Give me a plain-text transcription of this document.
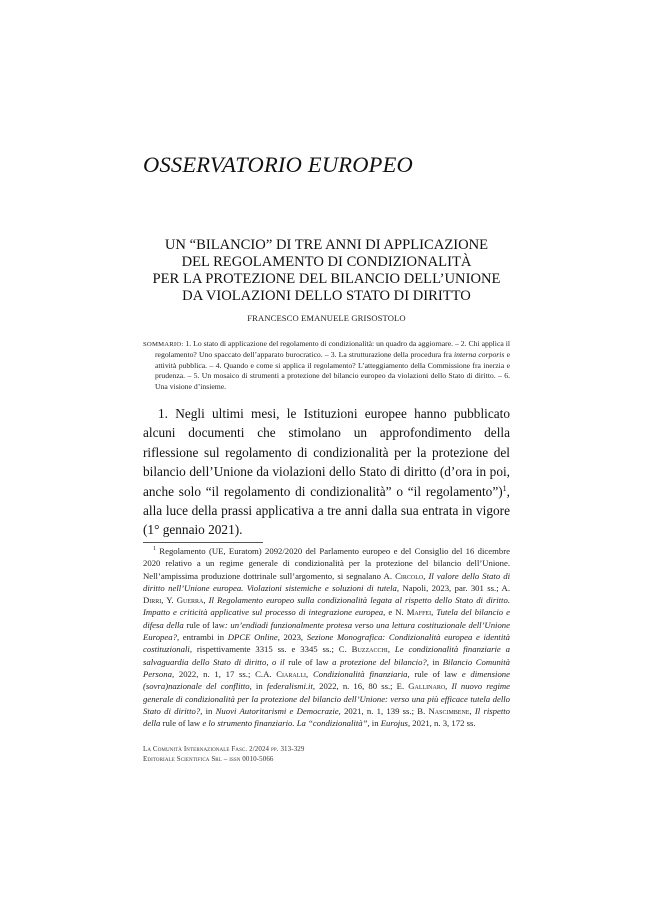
OSSERVATORIO EUROPEO
UN “BILANCIO” DI TRE ANNI DI APPLICAZIONE
DEL REGOLAMENTO DI CONDIZIONALITÀ
PER LA PROTEZIONE DEL BILANCIO DELL’UNIONE
DA VIOLAZIONI DELLO STATO DI DIRITTO
FRANCESCO EMANUELE GRISOSTOLO
SOMMARIO: 1. Lo stato di applicazione del regolamento di condizionalità: un quadro da aggiornare. – 2. Chi applica il regolamento? Uno spaccato dell’apparato burocratico. – 3. La strutturazione della procedura fra interna corporis e attività pubblica. – 4. Quando e come si applica il regolamento? L’atteggiamento della Commissione fra inerzia e prudenza. – 5. Un mosaico di strumenti a protezione del bilancio europeo da violazioni dello Stato di diritto. – 6. Una visione d’insieme.
1. Negli ultimi mesi, le Istituzioni europee hanno pubblicato alcuni documenti che stimolano un approfondimento della riflessione sul regolamento di condizionalità per la protezione del bilancio dell’Unione da violazioni dello Stato di diritto (d’ora in poi, anche solo “il regolamento di condizionalità” o “il regolamento”)$^1$, alla luce della prassi applicativa a tre anni dalla sua entrata in vigore (1° gennaio 2021).
$^1$ Regolamento (UE, Euratom) 2092/2020 del Parlamento europeo e del Consiglio del 16 dicembre 2020 relativo a un regime generale di condizionalità per la protezione del bilancio dell’Unione. Nell’ampissima produzione dottrinale sull’argomento, si segnalano A. Circolo, Il valore dello Stato di diritto nell’Unione europea. Violazioni sistemiche e soluzioni di tutela, Napoli, 2023, par. 301 ss.; A. Dirri, Y. Guerra, Il Regolamento europeo sulla condizionalità legata al rispetto dello Stato di diritto. Impatto e criticità applicative sul processo di integrazione europea, e N. Maffei, Tutela del bilancio e difesa della rule of law: un’endiadi funzionalmente protesa verso una lettura costituzionale dell’Unione Europea?, entrambi in DPCE Online, 2023, Sezione Monografica: Condizionalità europea e identità costituzionali, rispettivamente 3315 ss. e 3345 ss.; C. Buzzacchi, Le condizionalità finanziarie a salvaguardia dello Stato di diritto, o il rule of law a protezione del bilancio?, in Bilancio Comunità Persona, 2022, n. 1, 17 ss.; C.A. Ciaralli, Condizionalità finanziaria, rule of law e dimensione (sovra)nazionale del conflitto, in federalismi.it, 2022, n. 16, 80 ss.; E. Gallinaro, Il nuovo regime generale di condizionalità per la protezione del bilancio dell’Unione: verso una più efficace tutela dello Stato di diritto?, in Nuovi Autoritarismi e Democrazie, 2021, n. 1, 139 ss.; B. Nascimbene, Il rispetto della rule of law e lo strumento finanziario. La “condizionalità”, in Eurojus, 2021, n. 3, 172 ss.
La Comunità Internazionale Fasc. 2/2024 pp. 313-329
Editoriale Scientifica Srl – issn 0010-5066
